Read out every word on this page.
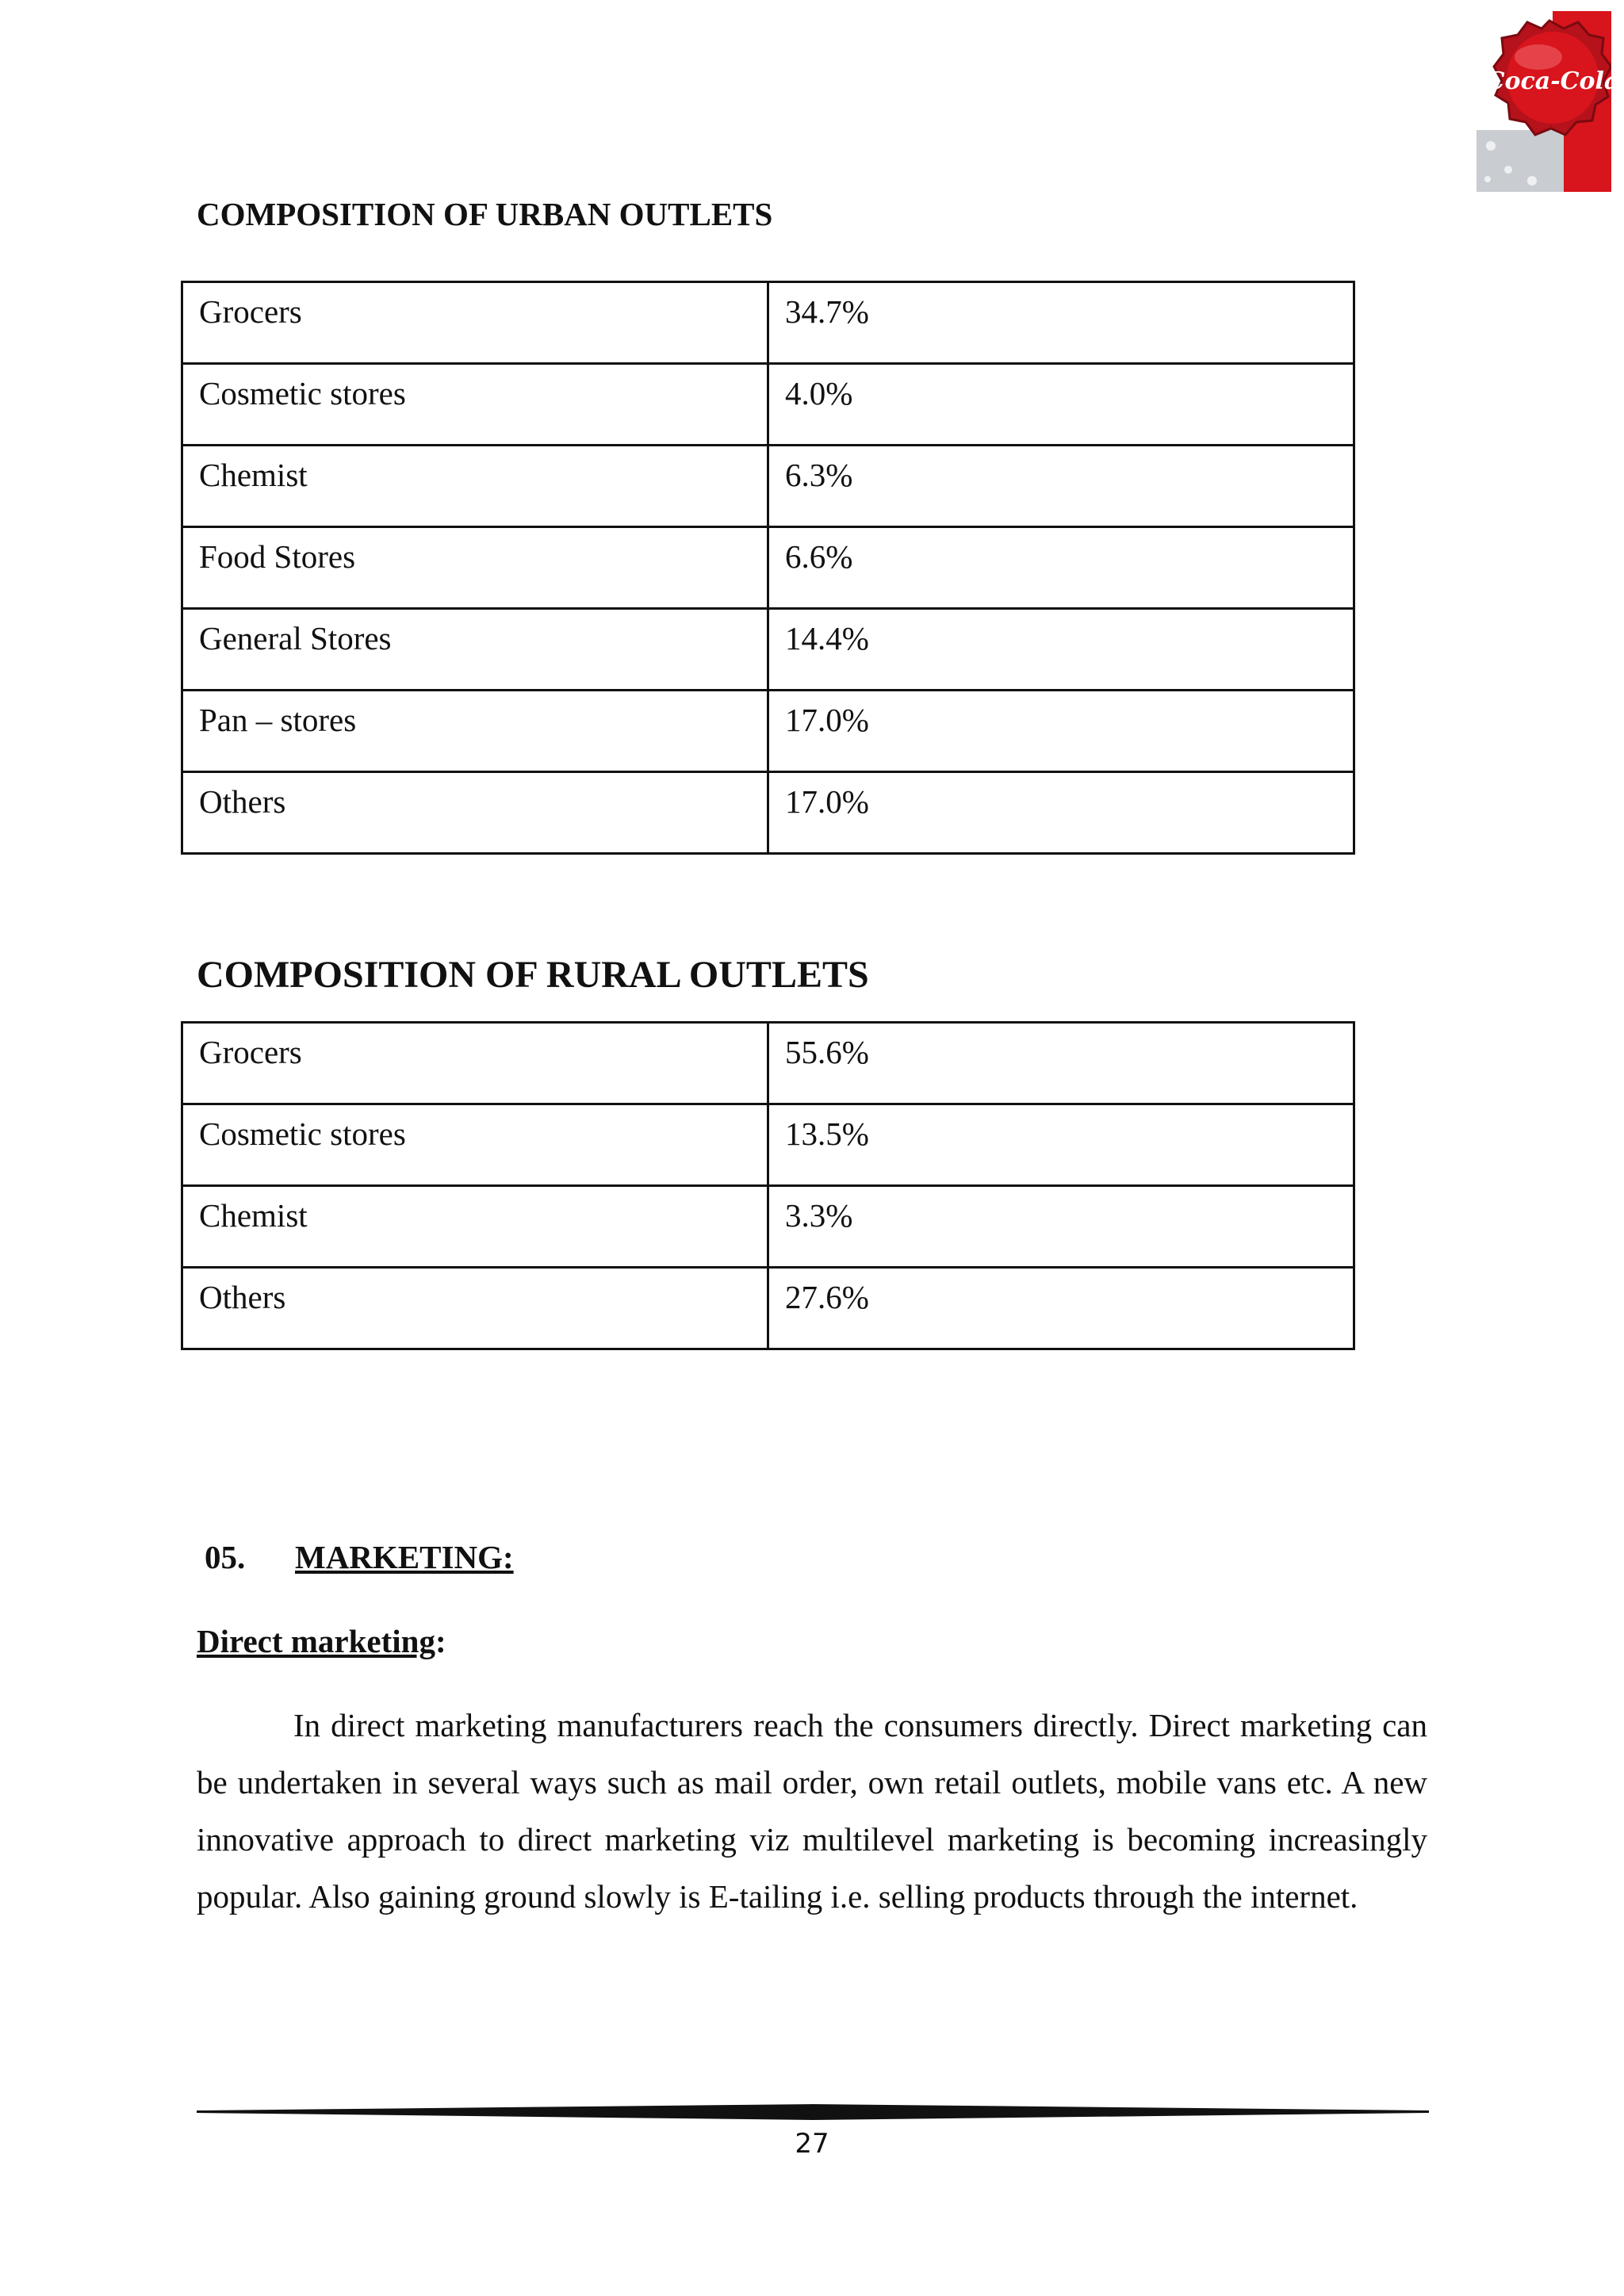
Coca-Cola
COMPOSITION OF URBAN OUTLETS
Grocers	34.7%
Cosmetic stores	4.0%
Chemist	6.3%
Food Stores	6.6%
General Stores	14.4%
Pan – stores	17.0%
Others	17.0%
COMPOSITION OF RURAL OUTLETS
Grocers	55.6%
Cosmetic stores	13.5%
Chemist	3.3%
Others	27.6%
05. MARKETING:
Direct marketing:

In direct marketing manufacturers reach the consumers directly. Direct marketing can be undertaken in several ways such as mail order, own retail outlets, mobile vans etc. A new innovative approach to direct marketing viz multilevel marketing is becoming increasingly popular. Also gaining ground slowly is E-tailing i.e. selling products through the internet.

27
